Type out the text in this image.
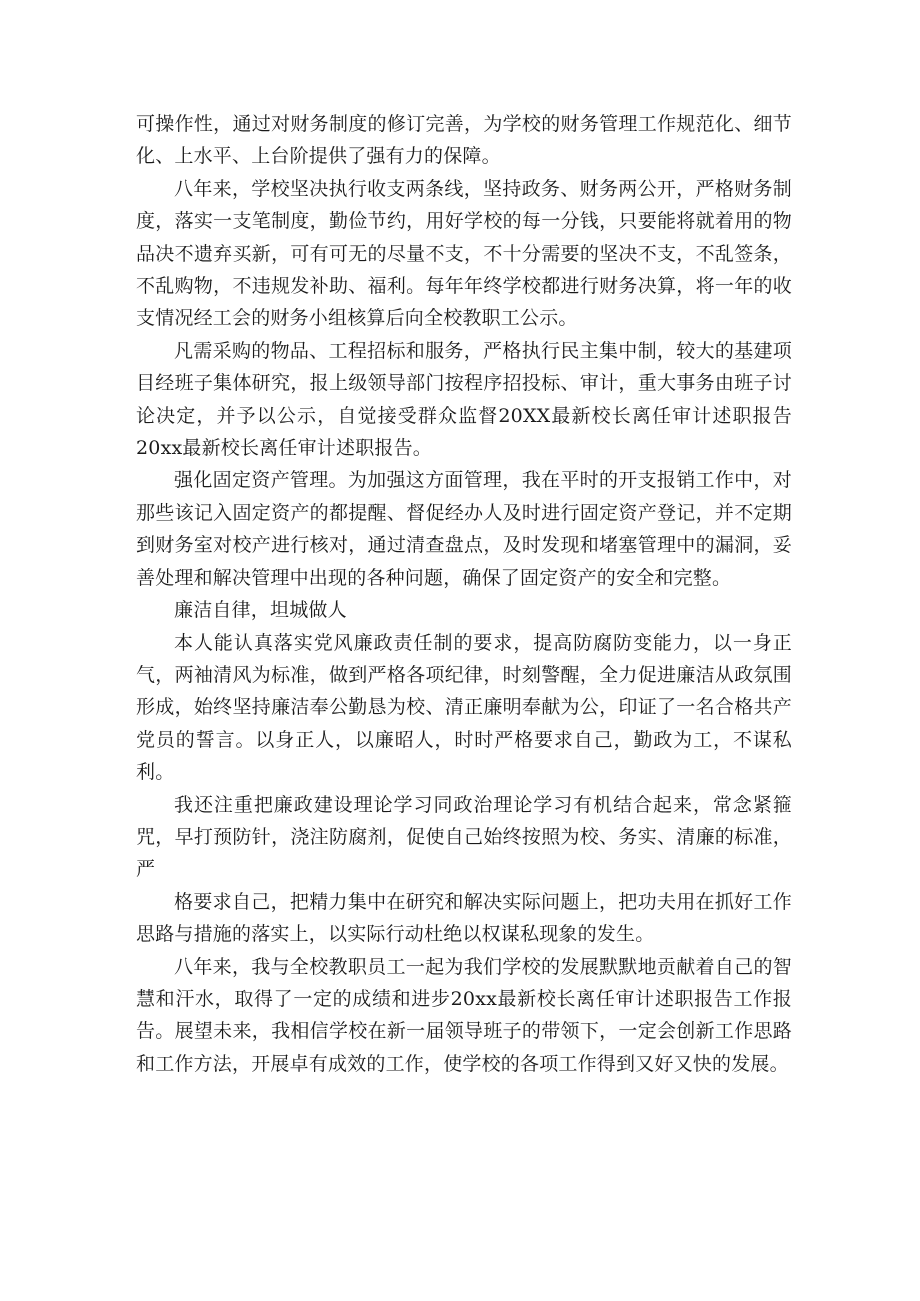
可操作性，通过对财务制度的修订完善，为学校的财务管理工作规范化、细节化、上水平、上台阶提供了强有力的保障。

八年来，学校坚决执行收支两条线，坚持政务、财务两公开，严格财务制度，落实一支笔制度，勤俭节约，用好学校的每一分钱，只要能将就着用的物品决不遗弃买新，可有可无的尽量不支，不十分需要的坚决不支，不乱签条，不乱购物，不违规发补助、福利。每年年终学校都进行财务决算，将一年的收支情况经工会的财务小组核算后向全校教职工公示。

凡需采购的物品、工程招标和服务，严格执行民主集中制，较大的基建项目经班子集体研究，报上级领导部门按程序招投标、审计，重大事务由班子讨论决定，并予以公示，自觉接受群众监督20XX最新校长离任审计述职报告20xx最新校长离任审计述职报告。

强化固定资产管理。为加强这方面管理，我在平时的开支报销工作中，对那些该记入固定资产的都提醒、督促经办人及时进行固定资产登记，并不定期到财务室对校产进行核对，通过清查盘点，及时发现和堵塞管理中的漏洞，妥善处理和解决管理中出现的各种问题，确保了固定资产的安全和完整。

廉洁自律，坦城做人

本人能认真落实党风廉政责任制的要求，提高防腐防变能力，以一身正气，两袖清风为标准，做到严格各项纪律，时刻警醒，全力促进廉洁从政氛围形成，始终坚持廉洁奉公勤恳为校、清正廉明奉献为公，印证了一名合格共产党员的誓言。以身正人，以廉昭人，时时严格要求自己，勤政为工，不谋私利。

我还注重把廉政建设理论学习同政治理论学习有机结合起来，常念紧箍咒，早打预防针，浇注防腐剂，促使自己始终按照为校、务实、清廉的标准，严

格要求自己，把精力集中在研究和解决实际问题上，把功夫用在抓好工作思路与措施的落实上，以实际行动杜绝以权谋私现象的发生。

八年来，我与全校教职员工一起为我们学校的发展默默地贡献着自己的智慧和汗水，取得了一定的成绩和进步20xx最新校长离任审计述职报告工作报告。展望未来，我相信学校在新一届领导班子的带领下，一定会创新工作思路和工作方法，开展卓有成效的工作，使学校的各项工作得到又好又快的发展。
